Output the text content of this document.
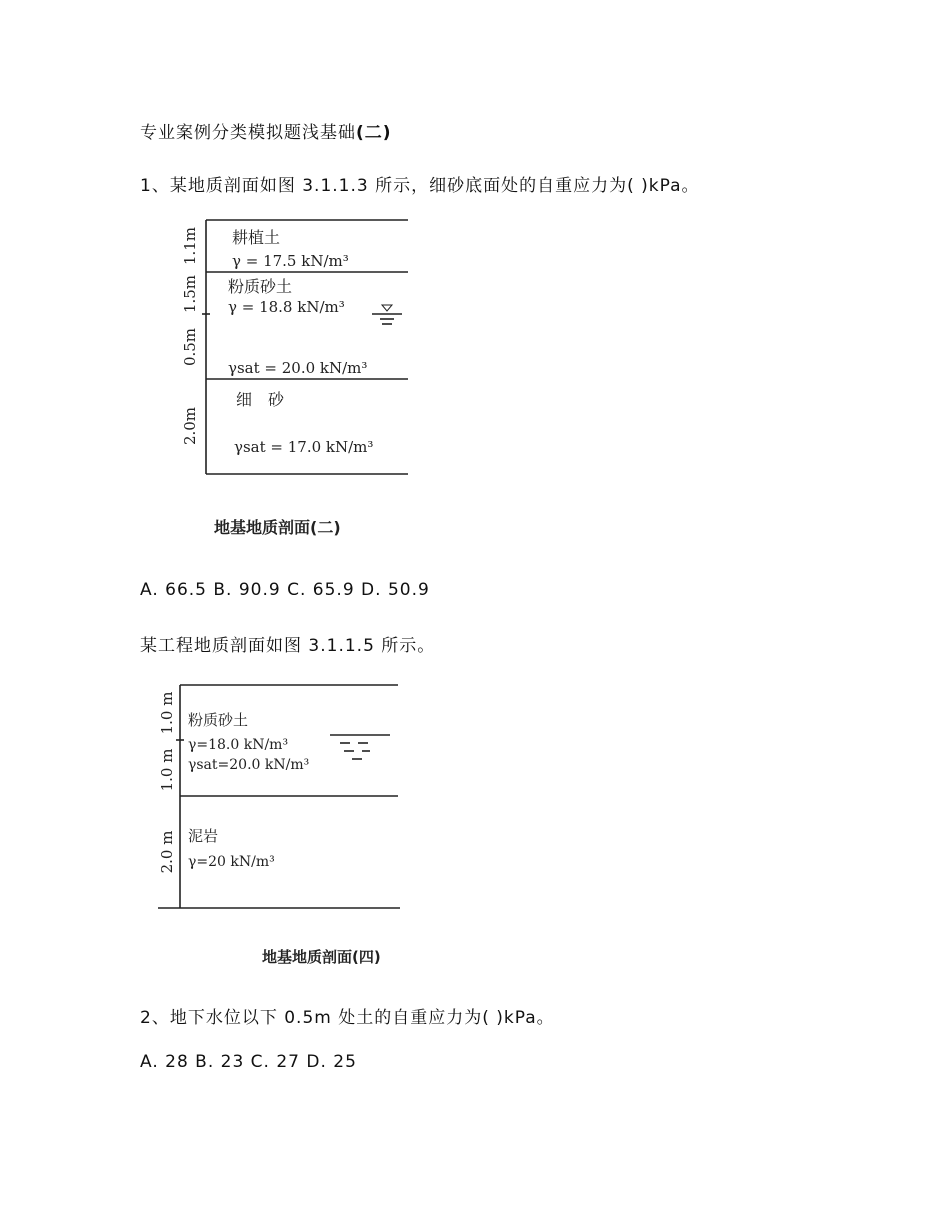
专业案例分类模拟题浅基础(二)
1、某地质剖面如图 3.1.1.3 所示，细砂底面处的自重应力为( )kPa。
1.1m
1.5m
0.5m
2.0m
耕植土
γ = 17.5 kN/m³
粉质砂土
γ = 18.8 kN/m³
γsat = 20.0 kN/m³
细　砂
γsat = 17.0 kN/m³
地基地质剖面(二)
A. 66.5 B. 90.9 C. 65.9 D. 50.9
某工程地质剖面如图 3.1.1.5 所示。
1.0 m
1.0 m
2.0 m
粉质砂土
γ=18.0 kN/m³
γsat=20.0 kN/m³
泥岩
γ=20 kN/m³
地基地质剖面(四)
2、地下水位以下 0.5m 处土的自重应力为( )kPa。
A. 28 B. 23 C. 27 D. 25
